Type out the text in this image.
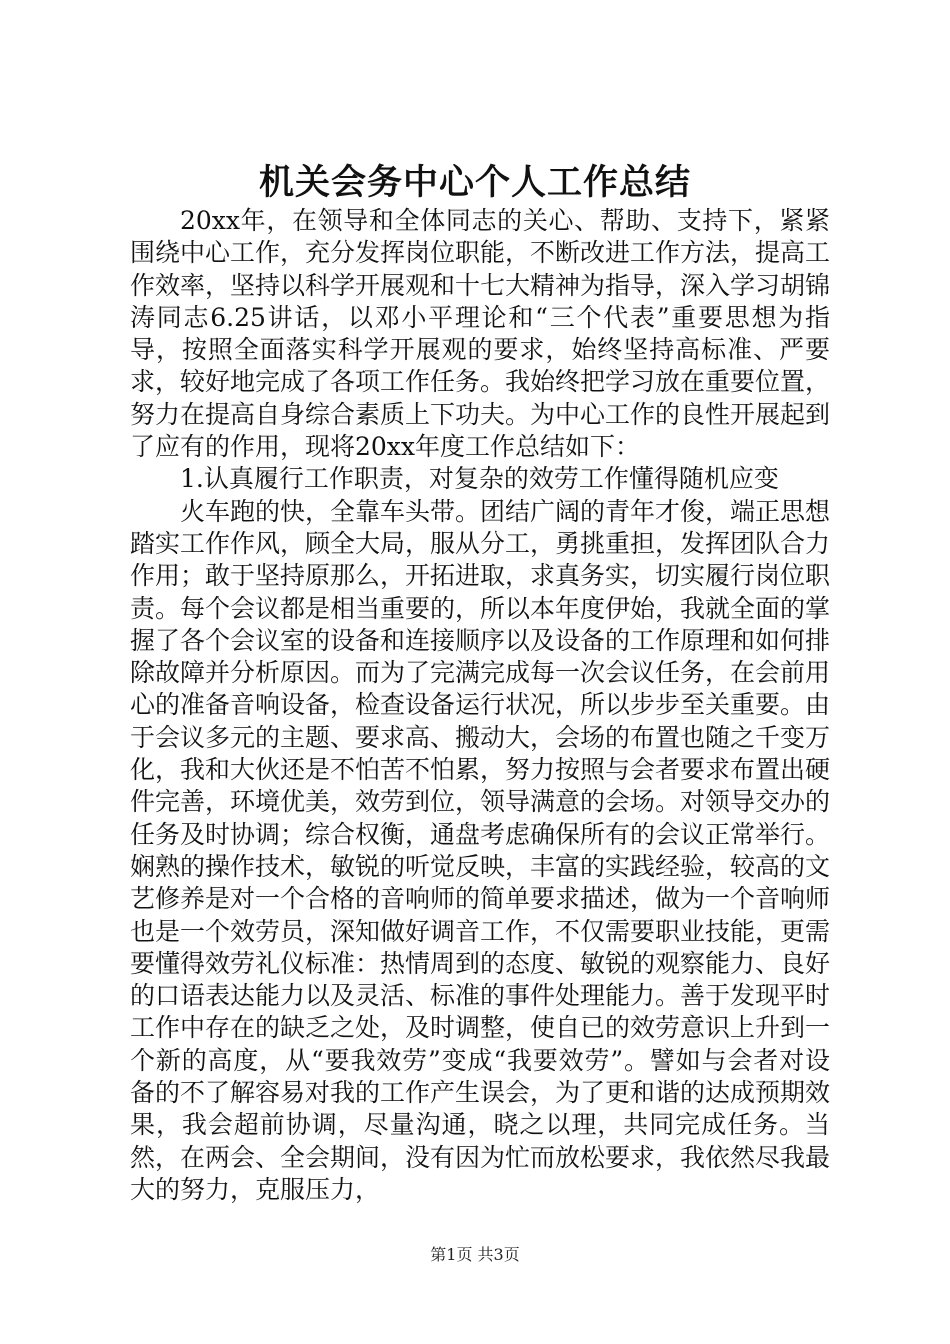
机关会务中心个人工作总结

20xx年，在领导和全体同志的关心、帮助、支持下，紧紧围绕中心工作，充分发挥岗位职能，不断改进工作方法，提高工作效率，坚持以科学开展观和十七大精神为指导，深入学习胡锦涛同志6.25讲话，以邓小平理论和“三个代表”重要思想为指导，按照全面落实科学开展观的要求，始终坚持高标准、严要求，较好地完成了各项工作任务。我始终把学习放在重要位置，努力在提高自身综合素质上下功夫。为中心工作的良性开展起到了应有的作用，现将20xx年度工作总结如下：

1.认真履行工作职责，对复杂的效劳工作懂得随机应变

火车跑的快，全靠车头带。团结广阔的青年才俊，端正思想踏实工作作风，顾全大局，服从分工，勇挑重担，发挥团队合力作用；敢于坚持原那么，开拓进取，求真务实，切实履行岗位职责。每个会议都是相当重要的，所以本年度伊始，我就全面的掌握了各个会议室的设备和连接顺序以及设备的工作原理和如何排除故障并分析原因。而为了完满完成每一次会议任务，在会前用心的准备音响设备，检查设备运行状况，所以步步至关重要。由于会议多元的主题、要求高、搬动大，会场的布置也随之千变万化，我和大伙还是不怕苦不怕累，努力按照与会者要求布置出硬件完善，环境优美，效劳到位，领导满意的会场。对领导交办的任务及时协调；综合权衡，通盘考虑确保所有的会议正常举行。娴熟的操作技术，敏锐的听觉反映，丰富的实践经验，较高的文艺修养是对一个合格的音响师的简单要求描述，做为一个音响师也是一个效劳员，深知做好调音工作，不仅需要职业技能，更需要懂得效劳礼仪标准：热情周到的态度、敏锐的观察能力、良好的口语表达能力以及灵活、标准的事件处理能力。善于发现平时工作中存在的缺乏之处，及时调整，使自已的效劳意识上升到一个新的高度，从“要我效劳”变成“我要效劳”。譬如与会者对设备的不了解容易对我的工作产生误会，为了更和谐的达成预期效果，我会超前协调，尽量沟通，晓之以理，共同完成任务。当然，在两会、全会期间，没有因为忙而放松要求，我依然尽我最大的努力，克服压力，

第1页 共3页
